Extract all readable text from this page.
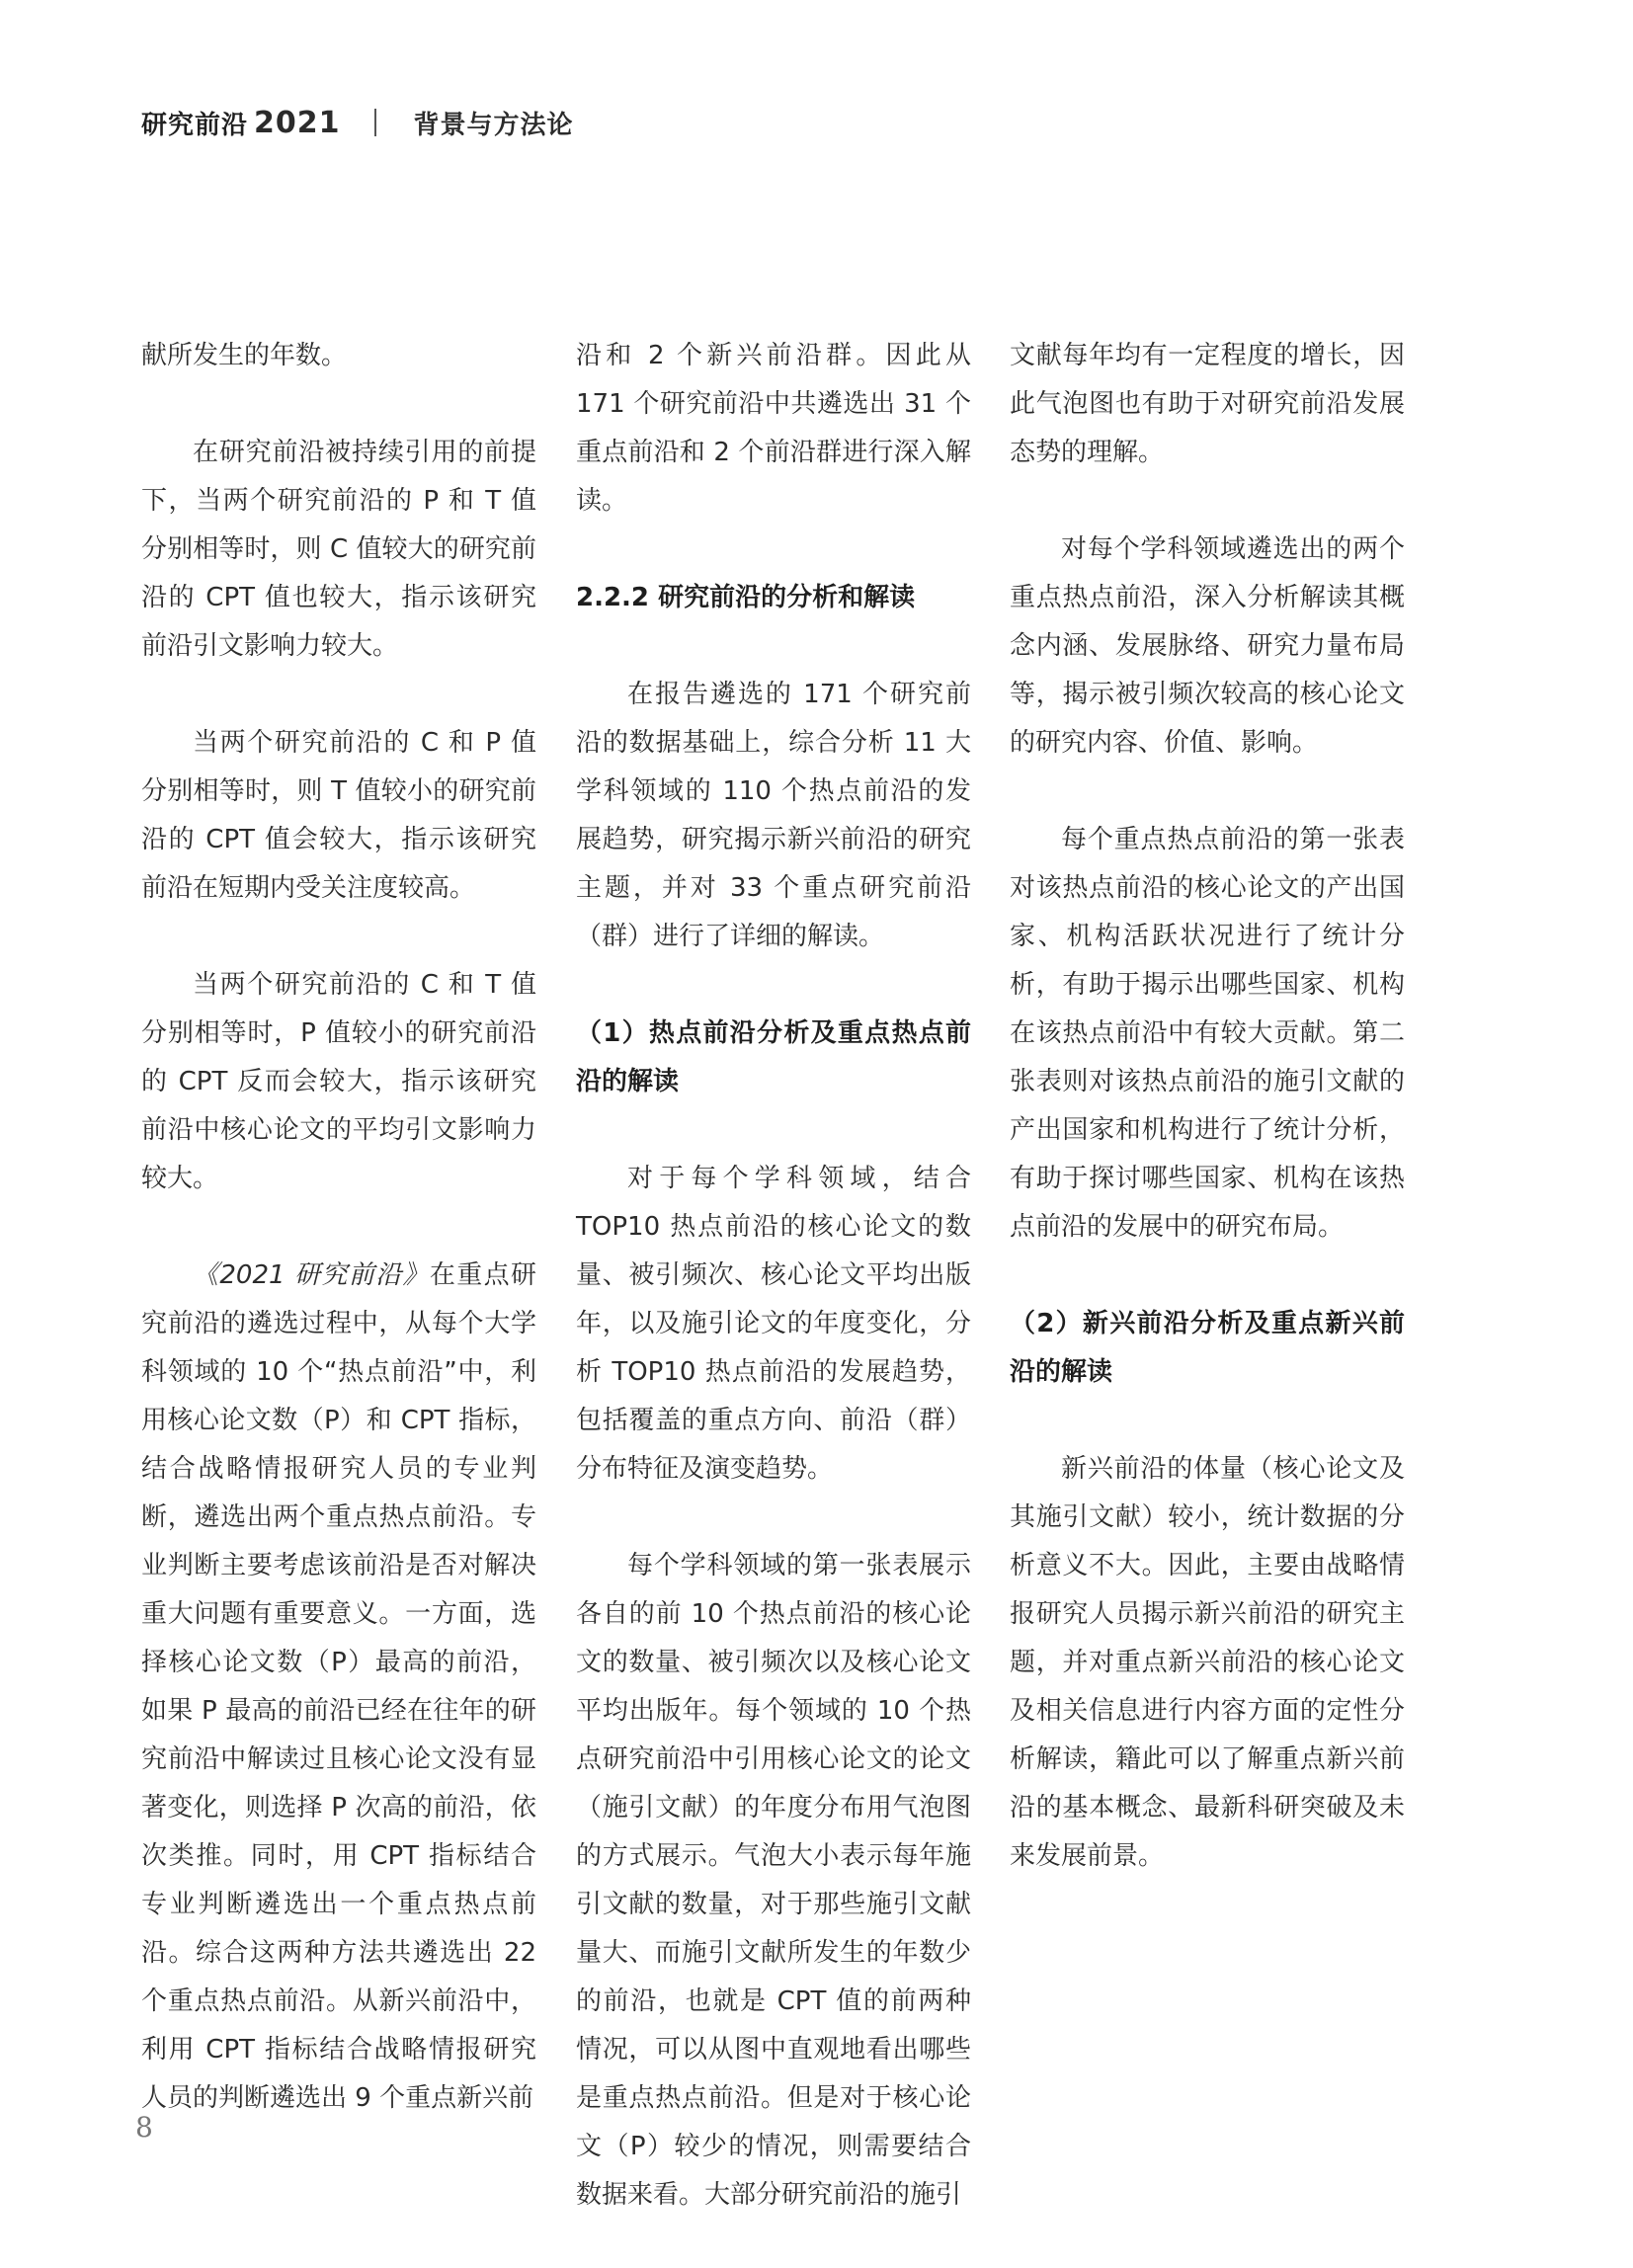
研究前沿 2021	背景与方法论

献所发生的年数。

在研究前沿被持续引用的前提下，当两个研究前沿的 P 和 T 值分别相等时，则 C 值较大的研究前沿的 CPT 值也较大，指示该研究前沿引文影响力较大。

当两个研究前沿的 C 和 P 值分别相等时，则 T 值较小的研究前沿的 CPT 值会较大，指示该研究前沿在短期内受关注度较高。

当两个研究前沿的 C 和 T 值分别相等时，P 值较小的研究前沿的 CPT 反而会较大，指示该研究前沿中核心论文的平均引文影响力较大。

《2021 研究前沿》在重点研究前沿的遴选过程中，从每个大学科领域的 10 个“热点前沿”中，利用核心论文数（P）和 CPT 指标，结合战略情报研究人员的专业判断，遴选出两个重点热点前沿。专业判断主要考虑该前沿是否对解决重大问题有重要意义。一方面，选择核心论文数（P）最高的前沿，如果 P 最高的前沿已经在往年的研究前沿中解读过且核心论文没有显著变化，则选择 P 次高的前沿，依次类推。同时，用 CPT 指标结合专业判断遴选出一个重点热点前沿。综合这两种方法共遴选出 22 个重点热点前沿。从新兴前沿中，利用 CPT 指标结合战略情报研究人员的判断遴选出 9 个重点新兴前

沿和 2 个新兴前沿群。因此从 171 个研究前沿中共遴选出 31 个重点前沿和 2 个前沿群进行深入解读。

2.2.2 研究前沿的分析和解读

在报告遴选的 171 个研究前沿的数据基础上，综合分析 11 大学科领域的 110 个热点前沿的发展趋势，研究揭示新兴前沿的研究主题，并对 33 个重点研究前沿（群）进行了详细的解读。

（1）热点前沿分析及重点热点前沿的解读

对于每个学科领域，结合 TOP10 热点前沿的核心论文的数量、被引频次、核心论文平均出版年，以及施引论文的年度变化，分析 TOP10 热点前沿的发展趋势，包括覆盖的重点方向、前沿（群）分布特征及演变趋势。

每个学科领域的第一张表展示各自的前 10 个热点前沿的核心论文的数量、被引频次以及核心论文平均出版年。每个领域的 10 个热点研究前沿中引用核心论文的论文（施引文献）的年度分布用气泡图的方式展示。气泡大小表示每年施引文献的数量，对于那些施引文献量大、而施引文献所发生的年数少的前沿，也就是 CPT 值的前两种情况，可以从图中直观地看出哪些是重点热点前沿。但是对于核心论文（P）较少的情况，则需要结合数据来看。大部分研究前沿的施引

文献每年均有一定程度的增长，因此气泡图也有助于对研究前沿发展态势的理解。

对每个学科领域遴选出的两个重点热点前沿，深入分析解读其概念内涵、发展脉络、研究力量布局等，揭示被引频次较高的核心论文的研究内容、价值、影响。

每个重点热点前沿的第一张表对该热点前沿的核心论文的产出国家、机构活跃状况进行了统计分析，有助于揭示出哪些国家、机构在该热点前沿中有较大贡献。第二张表则对该热点前沿的施引文献的产出国家和机构进行了统计分析，有助于探讨哪些国家、机构在该热点前沿的发展中的研究布局。

（2）新兴前沿分析及重点新兴前沿的解读

新兴前沿的体量（核心论文及其施引文献）较小，统计数据的分析意义不大。因此，主要由战略情报研究人员揭示新兴前沿的研究主题，并对重点新兴前沿的核心论文及相关信息进行内容方面的定性分析解读，籍此可以了解重点新兴前沿的基本概念、最新科研突破及未来发展前景。

8
